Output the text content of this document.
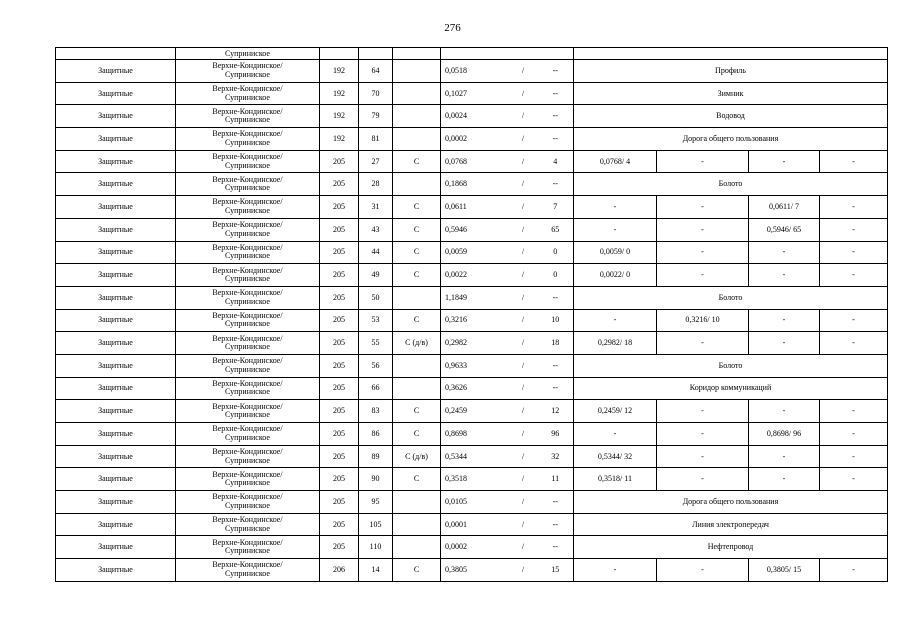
276
	Суприниское										
Защитные	Верхне-Кондинское/
Суприниское	192	64		0,0518	/	--	Профиль			
Защитные	Верхне-Кондинское/
Суприниское	192	70		0,1027	/	--	Зимник			
Защитные	Верхне-Кондинское/
Суприниское	192	79		0,0024	/	--	Водовод			
Защитные	Верхне-Кондинское/
Суприниское	192	81		0,0002	/	--	Дорога общего пользования			
Защитные	Верхне-Кондинское/
Суприниское	205	27	С	0,0768	/	4	0,0768/ 4	-	-	-
Защитные	Верхне-Кондинское/
Суприниское	205	28		0,1868	/	--	Болото			
Защитные	Верхне-Кондинское/
Суприниское	205	31	С	0,0611	/	7	-	-	0,0611/ 7	-
Защитные	Верхне-Кондинское/
Суприниское	205	43	С	0,5946	/	65	-	-	0,5946/ 65	-
Защитные	Верхне-Кондинское/
Суприниское	205	44	С	0,0059	/	0	0,0059/ 0	-	-	-
Защитные	Верхне-Кондинское/
Суприниское	205	49	С	0,0022	/	0	0,0022/ 0	-	-	-
Защитные	Верхне-Кондинское/
Суприниское	205	50		1,1849	/	--	Болото			
Защитные	Верхне-Кондинское/
Суприниское	205	53	С	0,3216	/	10	-	0,3216/ 10	-	-
Защитные	Верхне-Кондинское/
Суприниское	205	55	С (д/в)	0,2982	/	18	0,2982/ 18	-	-	-
Защитные	Верхне-Кондинское/
Суприниское	205	56		0,9633	/	--	Болото			
Защитные	Верхне-Кондинское/
Суприниское	205	66		0,3626	/	--	Коридор коммуникаций			
Защитные	Верхне-Кондинское/
Суприниское	205	83	С	0,2459	/	12	0,2459/ 12	-	-	-
Защитные	Верхне-Кондинское/
Суприниское	205	86	С	0,8698	/	96	-	-	0,8698/ 96	-
Защитные	Верхне-Кондинское/
Суприниское	205	89	С (д/в)	0,5344	/	32	0,5344/ 32	-	-	-
Защитные	Верхне-Кондинское/
Суприниское	205	90	С	0,3518	/	11	0,3518/ 11	-	-	-
Защитные	Верхне-Кондинское/
Суприниское	205	95		0,0105	/	--	Дорога общего пользования			
Защитные	Верхне-Кондинское/
Суприниское	205	105		0,0001	/	--	Линия электропередач			
Защитные	Верхне-Кондинское/
Суприниское	205	110		0,0002	/	--	Нефтепровод			
Защитные	Верхне-Кондинское/
Суприниское	206	14	С	0,3805	/	15	-	-	0,3805/ 15	-
